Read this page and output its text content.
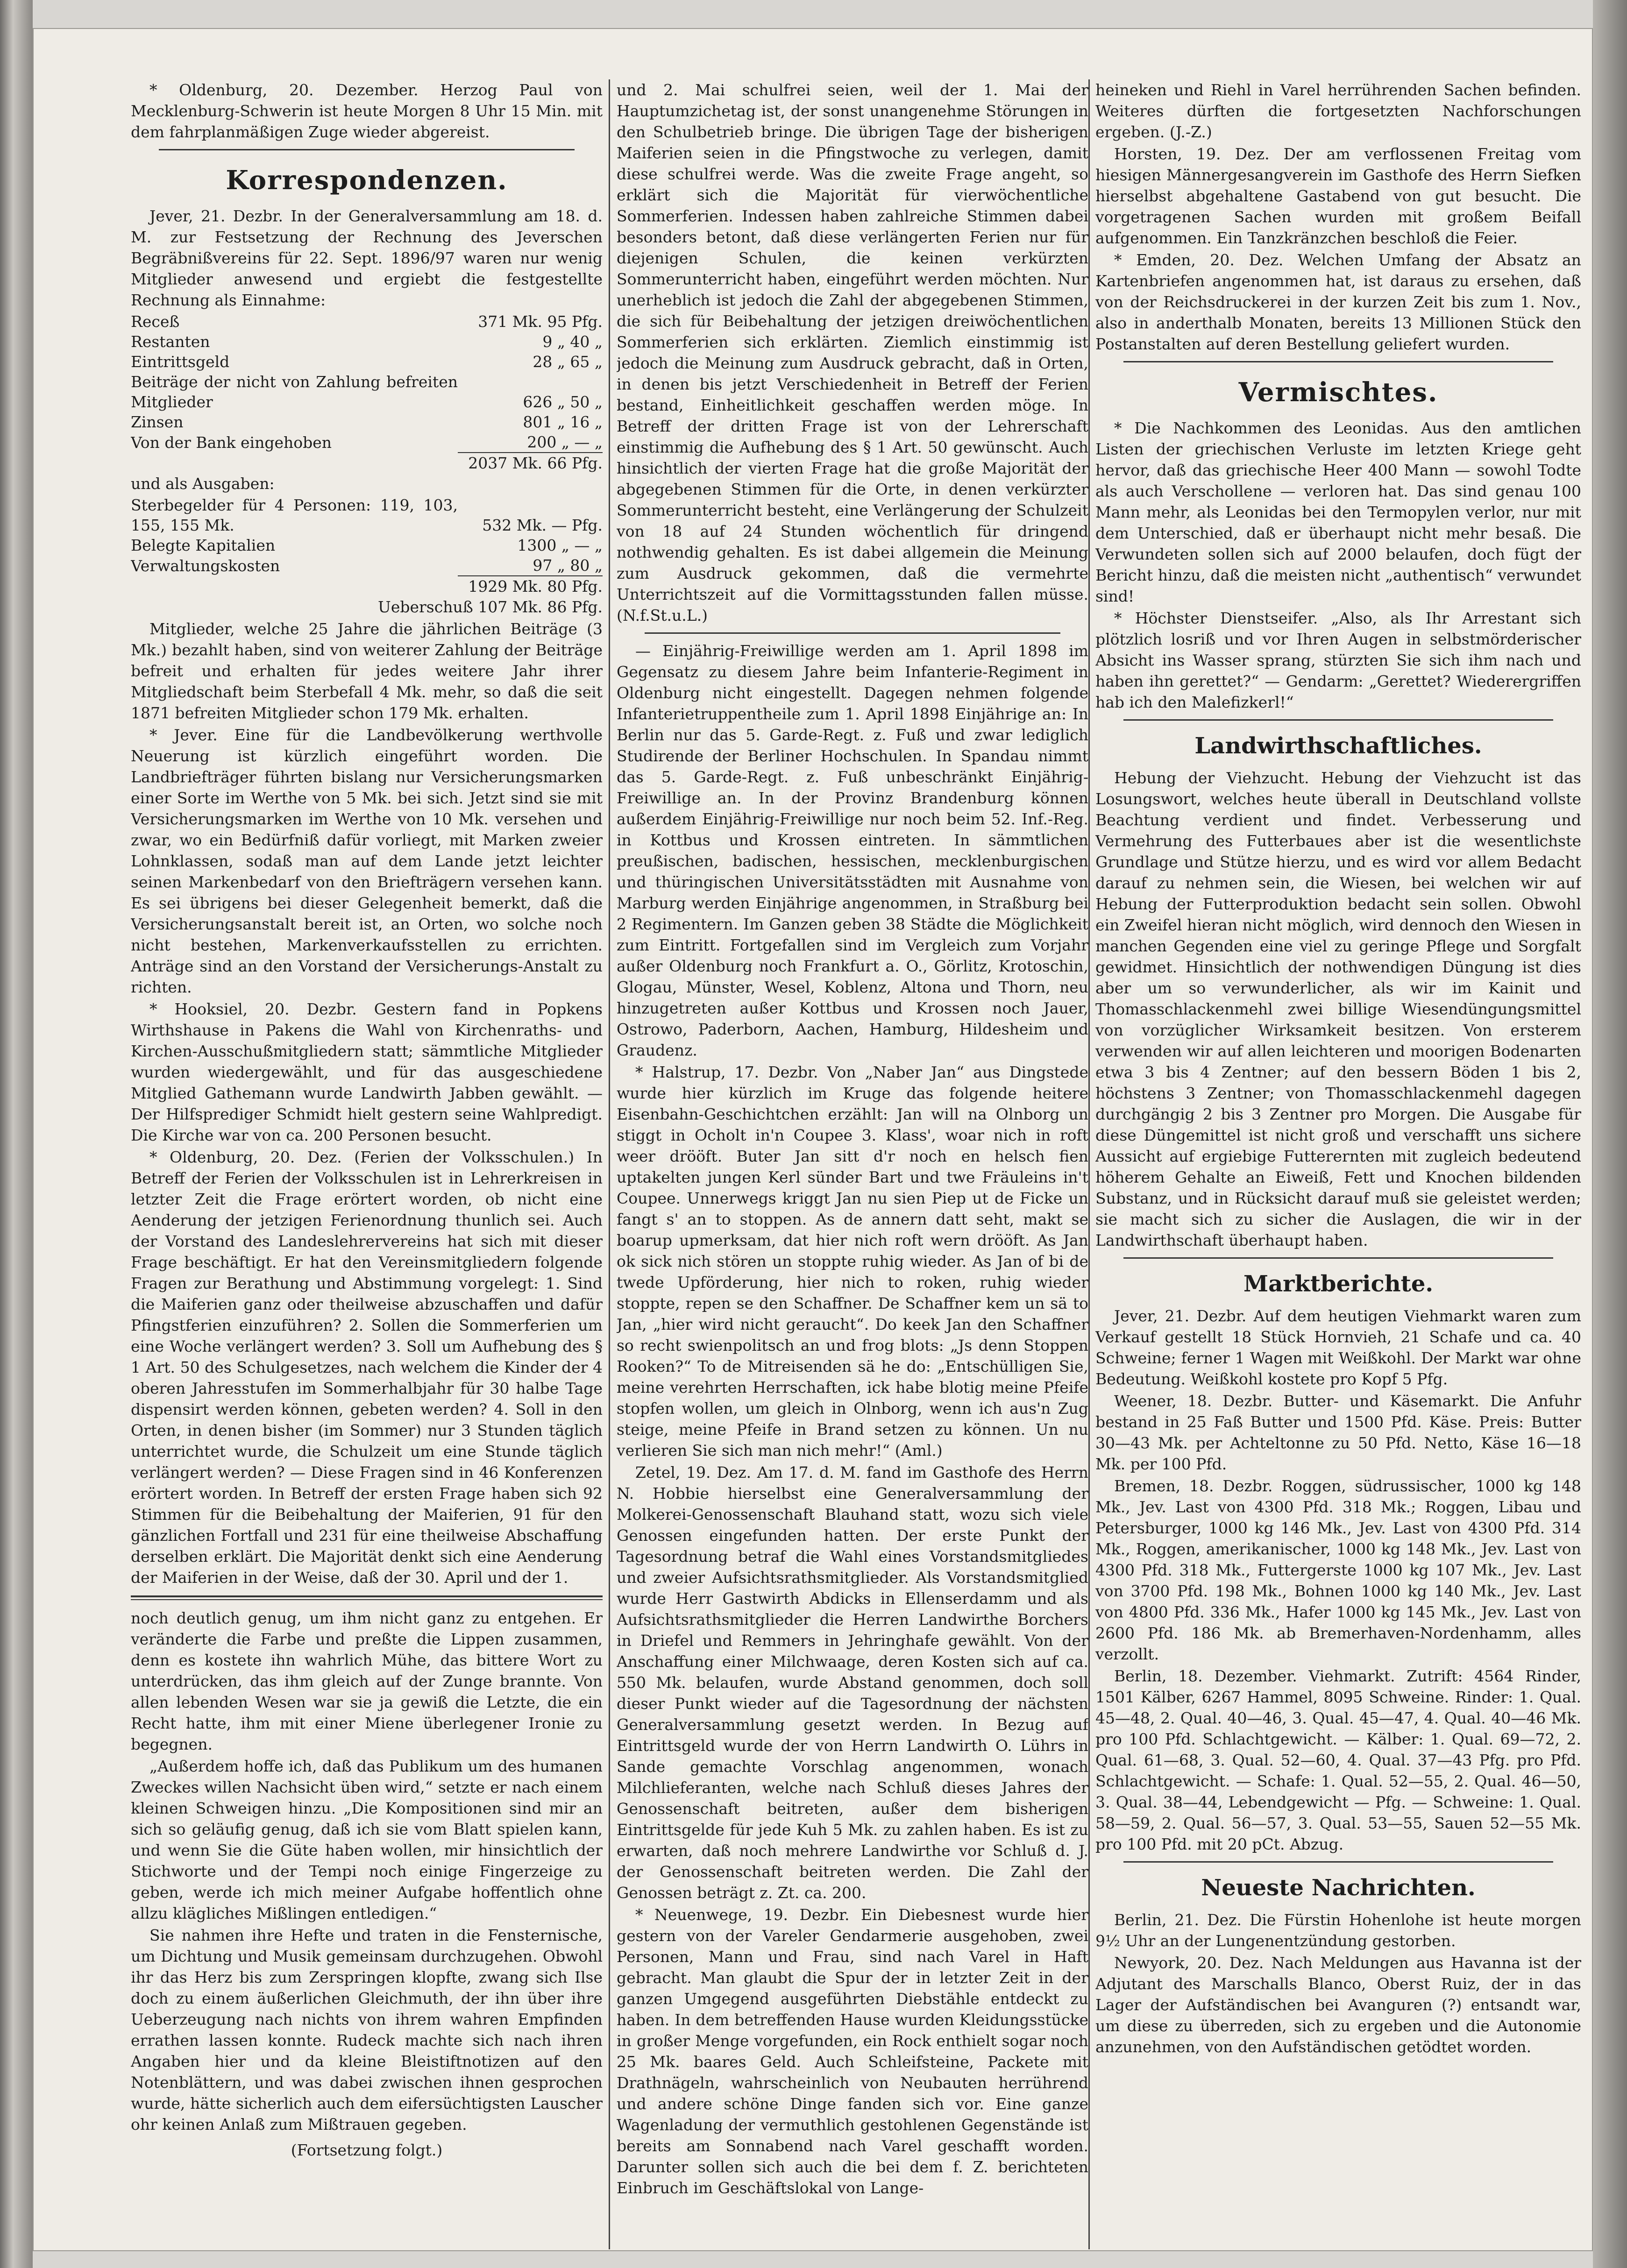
* Oldenburg, 20. Dezember. Herzog Paul von Mecklenburg-Schwerin ist heute Morgen 8 Uhr 15 Min. mit dem fahrplanmäßigen Zuge wieder abgereist.

Korrespondenzen.

Jever, 21. Dezbr. In der Generalversammlung am 18. d. M. zur Festsetzung der Rechnung des Jeverschen Begräbnißvereins für 22. Sept. 1896/97 waren nur wenig Mitglieder anwesend und ergiebt die festgestellte Rechnung als Einnahme:

Receß	371 Mk. 95 Pfg.
Restanten	9 „ 40 „
Eintrittsgeld	28 „ 65 „
Beiträge der nicht von Zahlung befreiten Mitglieder	626 „ 50 „
Zinsen	801 „ 16 „
Von der Bank eingehoben	200 „ — „
	2037 Mk. 66 Pfg.

und als Ausgaben:

Sterbegelder für 4 Personen: 119, 103, 155, 155 Mk.	532 Mk. — Pfg.
Belegte Kapitalien	1300 „ — „
Verwaltungskosten	97 „ 80 „
	1929 Mk. 80 Pfg.

Ueberschuß 107 Mk. 86 Pfg.

Mitglieder, welche 25 Jahre die jährlichen Beiträge (3 Mk.) bezahlt haben, sind von weiterer Zahlung der Beiträge befreit und erhalten für jedes weitere Jahr ihrer Mitgliedschaft beim Sterbefall 4 Mk. mehr, so daß die seit 1871 befreiten Mitglieder schon 179 Mk. erhalten.

* Jever. Eine für die Landbevölkerung werthvolle Neuerung ist kürzlich eingeführt worden. Die Landbriefträger führten bislang nur Versicherungsmarken einer Sorte im Werthe von 5 Mk. bei sich. Jetzt sind sie mit Versicherungsmarken im Werthe von 10 Mk. versehen und zwar, wo ein Bedürfniß dafür vorliegt, mit Marken zweier Lohnklassen, sodaß man auf dem Lande jetzt leichter seinen Markenbedarf von den Briefträgern versehen kann. Es sei übrigens bei dieser Gelegenheit bemerkt, daß die Versicherungsanstalt bereit ist, an Orten, wo solche noch nicht bestehen, Markenverkaufsstellen zu errichten. Anträge sind an den Vorstand der Versicherungs-Anstalt zu richten.

* Hooksiel, 20. Dezbr. Gestern fand in Popkens Wirthshause in Pakens die Wahl von Kirchenraths- und Kirchen-Ausschußmitgliedern statt; sämmtliche Mitglieder wurden wiedergewählt, und für das ausgeschiedene Mitglied Gathemann wurde Landwirth Jabben gewählt. — Der Hilfsprediger Schmidt hielt gestern seine Wahlpredigt. Die Kirche war von ca. 200 Personen besucht.

* Oldenburg, 20. Dez. (Ferien der Volksschulen.) In Betreff der Ferien der Volksschulen ist in Lehrerkreisen in letzter Zeit die Frage erörtert worden, ob nicht eine Aenderung der jetzigen Ferienordnung thunlich sei. Auch der Vorstand des Landeslehrervereins hat sich mit dieser Frage beschäftigt. Er hat den Vereinsmitgliedern folgende Fragen zur Berathung und Abstimmung vorgelegt: 1. Sind die Maiferien ganz oder theilweise abzuschaffen und dafür Pfingstferien einzuführen? 2. Sollen die Sommerferien um eine Woche verlängert werden? 3. Soll um Aufhebung des § 1 Art. 50 des Schulgesetzes, nach welchem die Kinder der 4 oberen Jahresstufen im Sommerhalbjahr für 30 halbe Tage dispensirt werden können, gebeten werden? 4. Soll in den Orten, in denen bisher (im Sommer) nur 3 Stunden täglich unterrichtet wurde, die Schulzeit um eine Stunde täglich verlängert werden? — Diese Fragen sind in 46 Konferenzen erörtert worden. In Betreff der ersten Frage haben sich 92 Stimmen für die Beibehaltung der Maiferien, 91 für den gänzlichen Fortfall und 231 für eine theilweise Abschaffung derselben erklärt. Die Majorität denkt sich eine Aenderung der Maiferien in der Weise, daß der 30. April und der 1.

noch deutlich genug, um ihm nicht ganz zu entgehen. Er veränderte die Farbe und preßte die Lippen zusammen, denn es kostete ihn wahrlich Mühe, das bittere Wort zu unterdrücken, das ihm gleich auf der Zunge brannte. Von allen lebenden Wesen war sie ja gewiß die Letzte, die ein Recht hatte, ihm mit einer Miene überlegener Ironie zu begegnen.

„Außerdem hoffe ich, daß das Publikum um des humanen Zweckes willen Nachsicht üben wird,“ setzte er nach einem kleinen Schweigen hinzu. „Die Kompositionen sind mir an sich so geläufig genug, daß ich sie vom Blatt spielen kann, und wenn Sie die Güte haben wollen, mir hinsichtlich der Stichworte und der Tempi noch einige Fingerzeige zu geben, werde ich mich meiner Aufgabe hoffentlich ohne allzu klägliches Mißlingen entledigen.“

Sie nahmen ihre Hefte und traten in die Fensternische, um Dichtung und Musik gemeinsam durchzugehen. Obwohl ihr das Herz bis zum Zerspringen klopfte, zwang sich Ilse doch zu einem äußerlichen Gleichmuth, der ihn über ihre Ueberzeugung nach nichts von ihrem wahren Empfinden errathen lassen konnte. Rudeck machte sich nach ihren Angaben hier und da kleine Bleistiftnotizen auf den Notenblättern, und was dabei zwischen ihnen gesprochen wurde, hätte sicherlich auch dem eifersüchtigsten Lauscher ohr keinen Anlaß zum Mißtrauen gegeben.

(Fortsetzung folgt.)

und 2. Mai schulfrei seien, weil der 1. Mai der Hauptumzichetag ist, der sonst unangenehme Störungen in den Schulbetrieb bringe. Die übrigen Tage der bisherigen Maiferien seien in die Pfingstwoche zu verlegen, damit diese schulfrei werde. Was die zweite Frage angeht, so erklärt sich die Majorität für vierwöchentliche Sommerferien. Indessen haben zahlreiche Stimmen dabei besonders betont, daß diese verlängerten Ferien nur für diejenigen Schulen, die keinen verkürzten Sommerunterricht haben, eingeführt werden möchten. Nur unerheblich ist jedoch die Zahl der abgegebenen Stimmen, die sich für Beibehaltung der jetzigen dreiwöchentlichen Sommerferien sich erklärten. Ziemlich einstimmig ist jedoch die Meinung zum Ausdruck gebracht, daß in Orten, in denen bis jetzt Verschiedenheit in Betreff der Ferien bestand, Einheitlichkeit geschaffen werden möge. In Betreff der dritten Frage ist von der Lehrerschaft einstimmig die Aufhebung des § 1 Art. 50 gewünscht. Auch hinsichtlich der vierten Frage hat die große Majorität der abgegebenen Stimmen für die Orte, in denen verkürzter Sommerunterricht besteht, eine Verlängerung der Schulzeit von 18 auf 24 Stunden wöchentlich für dringend nothwendig gehalten. Es ist dabei allgemein die Meinung zum Ausdruck gekommen, daß die vermehrte Unterrichtszeit auf die Vormittagsstunden fallen müsse. (N.f.St.u.L.)

— Einjährig-Freiwillige werden am 1. April 1898 im Gegensatz zu diesem Jahre beim Infanterie-Regiment in Oldenburg nicht eingestellt. Dagegen nehmen folgende Infanterietruppentheile zum 1. April 1898 Einjährige an: In Berlin nur das 5. Garde-Regt. z. Fuß und zwar lediglich Studirende der Berliner Hochschulen. In Spandau nimmt das 5. Garde-Regt. z. Fuß unbeschränkt Einjährig-Freiwillige an. In der Provinz Brandenburg können außerdem Einjährig-Freiwillige nur noch beim 52. Inf.-Reg. in Kottbus und Krossen eintreten. In sämmtlichen preußischen, badischen, hessischen, mecklenburgischen und thüringischen Universitätsstädten mit Ausnahme von Marburg werden Einjährige angenommen, in Straßburg bei 2 Regimentern. Im Ganzen geben 38 Städte die Möglichkeit zum Eintritt. Fortgefallen sind im Vergleich zum Vorjahr außer Oldenburg noch Frankfurt a. O., Görlitz, Krotoschin, Glogau, Münster, Wesel, Koblenz, Altona und Thorn, neu hinzugetreten außer Kottbus und Krossen noch Jauer, Ostrowo, Paderborn, Aachen, Hamburg, Hildesheim und Graudenz.

* Halstrup, 17. Dezbr. Von „Naber Jan“ aus Dingstede wurde hier kürzlich im Kruge das folgende heitere Eisenbahn-Geschichtchen erzählt: Jan will na Olnborg un stiggt in Ocholt in'n Coupee 3. Klass', woar nich in roft weer drööft. Buter Jan sitt d'r noch en helsch fien uptakelten jungen Kerl sünder Bart und twe Fräuleins in't Coupee. Unnerwegs kriggt Jan nu sien Piep ut de Ficke un fangt s' an to stoppen. As de annern datt seht, makt se boarup upmerksam, dat hier nich roft wern drööft. As Jan ok sick nich stören un stoppte ruhig wieder. As Jan of bi de twede Upförderung, hier nich to roken, ruhig wieder stoppte, repen se den Schaffner. De Schaffner kem un sä to Jan, „hier wird nicht geraucht“. Do keek Jan den Schaffner so recht swienpolitsch an und frog blots: „Js denn Stoppen Rooken?“ To de Mitreisenden sä he do: „Entschülligen Sie, meine verehrten Herrschaften, ick habe blotig meine Pfeife stopfen wollen, um gleich in Olnborg, wenn ich aus'n Zug steige, meine Pfeife in Brand setzen zu können. Un nu verlieren Sie sich man nich mehr!“ (Aml.)

Zetel, 19. Dez. Am 17. d. M. fand im Gasthofe des Herrn N. Hobbie hierselbst eine Generalversammlung der Molkerei-Genossenschaft Blauhand statt, wozu sich viele Genossen eingefunden hatten. Der erste Punkt der Tagesordnung betraf die Wahl eines Vorstandsmitgliedes und zweier Aufsichtsrathsmitglieder. Als Vorstandsmitglied wurde Herr Gastwirth Abdicks in Ellenserdamm und als Aufsichtsrathsmitglieder die Herren Landwirthe Borchers in Driefel und Remmers in Jehringhafe gewählt. Von der Anschaffung einer Milchwaage, deren Kosten sich auf ca. 550 Mk. belaufen, wurde Abstand genommen, doch soll dieser Punkt wieder auf die Tagesordnung der nächsten Generalversammlung gesetzt werden. In Bezug auf Eintrittsgeld wurde der von Herrn Landwirth O. Lührs in Sande gemachte Vorschlag angenommen, wonach Milchlieferanten, welche nach Schluß dieses Jahres der Genossenschaft beitreten, außer dem bisherigen Eintrittsgelde für jede Kuh 5 Mk. zu zahlen haben. Es ist zu erwarten, daß noch mehrere Landwirthe vor Schluß d. J. der Genossenschaft beitreten werden. Die Zahl der Genossen beträgt z. Zt. ca. 200.

* Neuenwege, 19. Dezbr. Ein Diebesnest wurde hier gestern von der Vareler Gendarmerie ausgehoben, zwei Personen, Mann und Frau, sind nach Varel in Haft gebracht. Man glaubt die Spur der in letzter Zeit in der ganzen Umgegend ausgeführten Diebstähle entdeckt zu haben. In dem betreffenden Hause wurden Kleidungsstücke in großer Menge vorgefunden, ein Rock enthielt sogar noch 25 Mk. baares Geld. Auch Schleifsteine, Packete mit Drathnägeln, wahrscheinlich von Neubauten herrührend und andere schöne Dinge fanden sich vor. Eine ganze Wagenladung der vermuthlich gestohlenen Gegenstände ist bereits am Sonnabend nach Varel geschafft worden. Darunter sollen sich auch die bei dem f. Z. berichteten Einbruch im Geschäftslokal von Lange-

heineken und Riehl in Varel herrührenden Sachen befinden. Weiteres dürften die fortgesetzten Nachforschungen ergeben. (J.-Z.)

Horsten, 19. Dez. Der am verflossenen Freitag vom hiesigen Männergesangverein im Gasthofe des Herrn Siefken hierselbst abgehaltene Gastabend von gut besucht. Die vorgetragenen Sachen wurden mit großem Beifall aufgenommen. Ein Tanzkränzchen beschloß die Feier.

* Emden, 20. Dez. Welchen Umfang der Absatz an Kartenbriefen angenommen hat, ist daraus zu ersehen, daß von der Reichsdruckerei in der kurzen Zeit bis zum 1. Nov., also in anderthalb Monaten, bereits 13 Millionen Stück den Postanstalten auf deren Bestellung geliefert wurden.

Vermischtes.

* Die Nachkommen des Leonidas. Aus den amtlichen Listen der griechischen Verluste im letzten Kriege geht hervor, daß das griechische Heer 400 Mann — sowohl Todte als auch Verschollene — verloren hat. Das sind genau 100 Mann mehr, als Leonidas bei den Termopylen verlor, nur mit dem Unterschied, daß er überhaupt nicht mehr besaß. Die Verwundeten sollen sich auf 2000 belaufen, doch fügt der Bericht hinzu, daß die meisten nicht „authentisch“ verwundet sind!

* Höchster Dienstseifer. „Also, als Ihr Arrestant sich plötzlich losriß und vor Ihren Augen in selbstmörderischer Absicht ins Wasser sprang, stürzten Sie sich ihm nach und haben ihn gerettet?“ — Gendarm: „Gerettet? Wiederergriffen hab ich den Malefizkerl!“

Landwirthschaftliches.

Hebung der Viehzucht. Hebung der Viehzucht ist das Losungswort, welches heute überall in Deutschland vollste Beachtung verdient und findet. Verbesserung und Vermehrung des Futterbaues aber ist die wesentlichste Grundlage und Stütze hierzu, und es wird vor allem Bedacht darauf zu nehmen sein, die Wiesen, bei welchen wir auf Hebung der Futterproduktion bedacht sein sollen. Obwohl ein Zweifel hieran nicht möglich, wird dennoch den Wiesen in manchen Gegenden eine viel zu geringe Pflege und Sorgfalt gewidmet. Hinsichtlich der nothwendigen Düngung ist dies aber um so verwunderlicher, als wir im Kainit und Thomasschlackenmehl zwei billige Wiesendüngungsmittel von vorzüglicher Wirksamkeit besitzen. Von ersterem verwenden wir auf allen leichteren und moorigen Bodenarten etwa 3 bis 4 Zentner; auf den bessern Böden 1 bis 2, höchstens 3 Zentner; von Thomasschlackenmehl dagegen durchgängig 2 bis 3 Zentner pro Morgen. Die Ausgabe für diese Düngemittel ist nicht groß und verschafft uns sichere Aussicht auf ergiebige Futterernten mit zugleich bedeutend höherem Gehalte an Eiweiß, Fett und Knochen bildenden Substanz, und in Rücksicht darauf muß sie geleistet werden; sie macht sich zu sicher die Auslagen, die wir in der Landwirthschaft überhaupt haben.

Marktberichte.

Jever, 21. Dezbr. Auf dem heutigen Viehmarkt waren zum Verkauf gestellt 18 Stück Hornvieh, 21 Schafe und ca. 40 Schweine; ferner 1 Wagen mit Weißkohl. Der Markt war ohne Bedeutung. Weißkohl kostete pro Kopf 5 Pfg.

Weener, 18. Dezbr. Butter- und Käsemarkt. Die Anfuhr bestand in 25 Faß Butter und 1500 Pfd. Käse. Preis: Butter 30—43 Mk. per Achteltonne zu 50 Pfd. Netto, Käse 16—18 Mk. per 100 Pfd.

Bremen, 18. Dezbr. Roggen, südrussischer, 1000 kg 148 Mk., Jev. Last von 4300 Pfd. 318 Mk.; Roggen, Libau und Petersburger, 1000 kg 146 Mk., Jev. Last von 4300 Pfd. 314 Mk., Roggen, amerikanischer, 1000 kg 148 Mk., Jev. Last von 4300 Pfd. 318 Mk., Futtergerste 1000 kg 107 Mk., Jev. Last von 3700 Pfd. 198 Mk., Bohnen 1000 kg 140 Mk., Jev. Last von 4800 Pfd. 336 Mk., Hafer 1000 kg 145 Mk., Jev. Last von 2600 Pfd. 186 Mk. ab Bremerhaven-Nordenhamm, alles verzollt.

Berlin, 18. Dezember. Viehmarkt. Zutrift: 4564 Rinder, 1501 Kälber, 6267 Hammel, 8095 Schweine. Rinder: 1. Qual. 45—48, 2. Qual. 40—46, 3. Qual. 45—47, 4. Qual. 40—46 Mk. pro 100 Pfd. Schlachtgewicht. — Kälber: 1. Qual. 69—72, 2. Qual. 61—68, 3. Qual. 52—60, 4. Qual. 37—43 Pfg. pro Pfd. Schlachtgewicht. — Schafe: 1. Qual. 52—55, 2. Qual. 46—50, 3. Qual. 38—44, Lebendgewicht — Pfg. — Schweine: 1. Qual. 58—59, 2. Qual. 56—57, 3. Qual. 53—55, Sauen 52—55 Mk. pro 100 Pfd. mit 20 pCt. Abzug.

Neueste Nachrichten.

Berlin, 21. Dez. Die Fürstin Hohenlohe ist heute morgen 9½ Uhr an der Lungenentzündung gestorben.

Newyork, 20. Dez. Nach Meldungen aus Havanna ist der Adjutant des Marschalls Blanco, Oberst Ruiz, der in das Lager der Aufständischen bei Avanguren (?) entsandt war, um diese zu überreden, sich zu ergeben und die Autonomie anzunehmen, von den Aufständischen getödtet worden.
